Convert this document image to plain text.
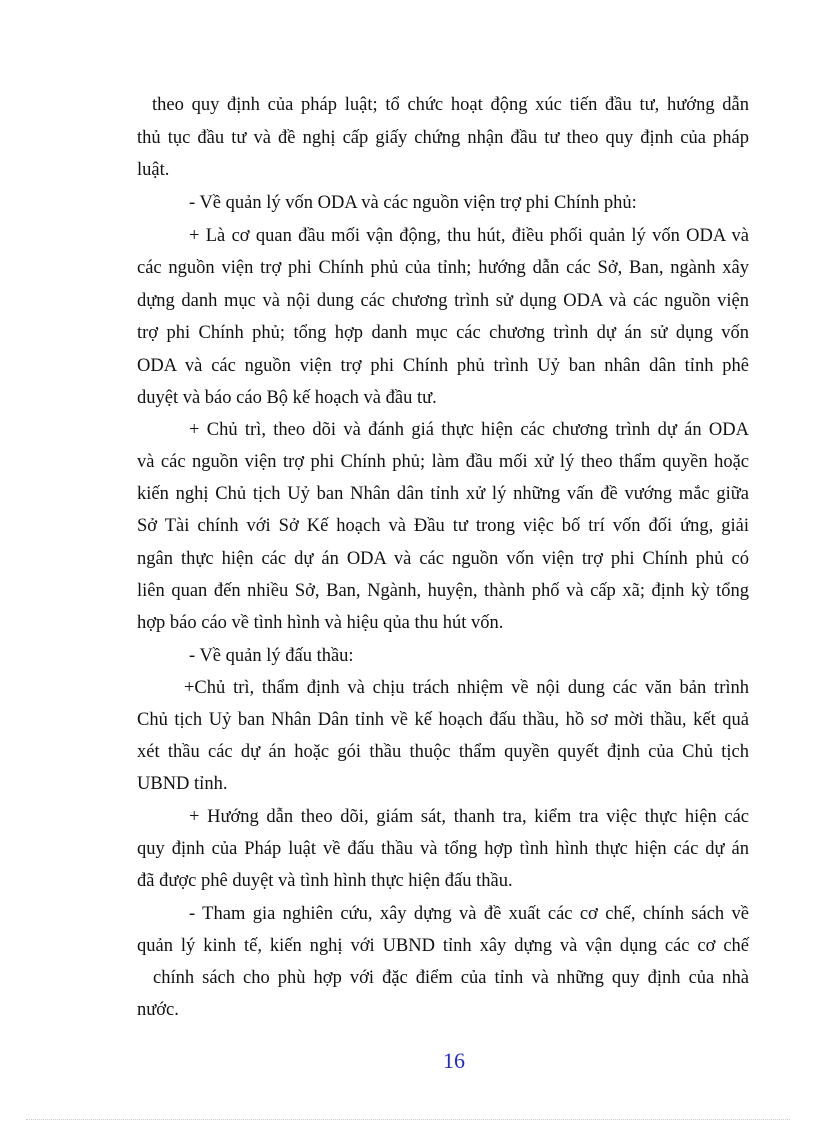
theo quy định của pháp luật; tổ chức hoạt động xúc tiến đầu tư, hướng dẫn
thủ tục đầu tư và đề nghị cấp giấy chứng nhận đầu tư theo quy định của pháp
luật.
- Về quản lý vốn ODA và các nguồn viện trợ phi Chính phủ:
+ Là cơ quan đầu mối vận động, thu hút, điều phối quản lý vốn ODA và
các nguồn viện trợ phi Chính phủ của tỉnh; hướng dẫn các Sở, Ban, ngành xây
dựng danh mục và nội dung các chương trình sử dụng ODA và các nguồn viện
trợ phi Chính phủ; tổng hợp danh mục các chương trình dự án sử dụng vốn
ODA và các nguồn viện trợ phi Chính phủ trình Uỷ ban nhân dân tỉnh phê
duyệt và báo cáo Bộ kế hoạch và đầu tư.
+ Chủ trì, theo dõi và đánh giá thực hiện các chương trình dự án ODA
và các nguồn viện trợ phi Chính phủ; làm đầu mối xử lý theo thẩm quyền hoặc
kiến nghị Chủ tịch Uỷ ban Nhân dân tỉnh xử lý những vấn đề vướng mắc giữa
Sở Tài chính với Sở Kế hoạch và Đầu tư trong việc bố trí vốn đối ứng, giải
ngân thực hiện các dự án ODA và các nguồn vốn viện trợ phi Chính phủ có
liên quan đến nhiều Sở, Ban, Ngành, huyện, thành phố và cấp xã; định kỳ tổng
hợp báo cáo về tình hình và hiệu qủa thu hút vốn.
- Về quản lý đấu thầu:
+Chủ trì, thẩm định và chịu trách nhiệm về nội dung các văn bản trình
Chủ tịch Uỷ ban Nhân Dân tỉnh về kế hoạch đấu thầu, hồ sơ mời thầu, kết quả
xét thầu các dự án hoặc gói thầu thuộc thẩm quyền quyết định của Chủ tịch
UBND tỉnh.
+ Hướng dẫn theo dõi, giám sát, thanh tra, kiểm tra việc thực hiện các
quy định của Pháp luật về đấu thầu và tổng hợp tình hình thực hiện các dự án
đã được phê duyệt và tình hình thực hiện đấu thầu.
- Tham gia nghiên cứu, xây dựng và đề xuất các cơ chế, chính sách về
quản lý kinh tế, kiến nghị với UBND tỉnh xây dựng và vận dụng các cơ chế
chính sách cho phù hợp với đặc điểm của tỉnh và những quy định của nhà
nước.
16
